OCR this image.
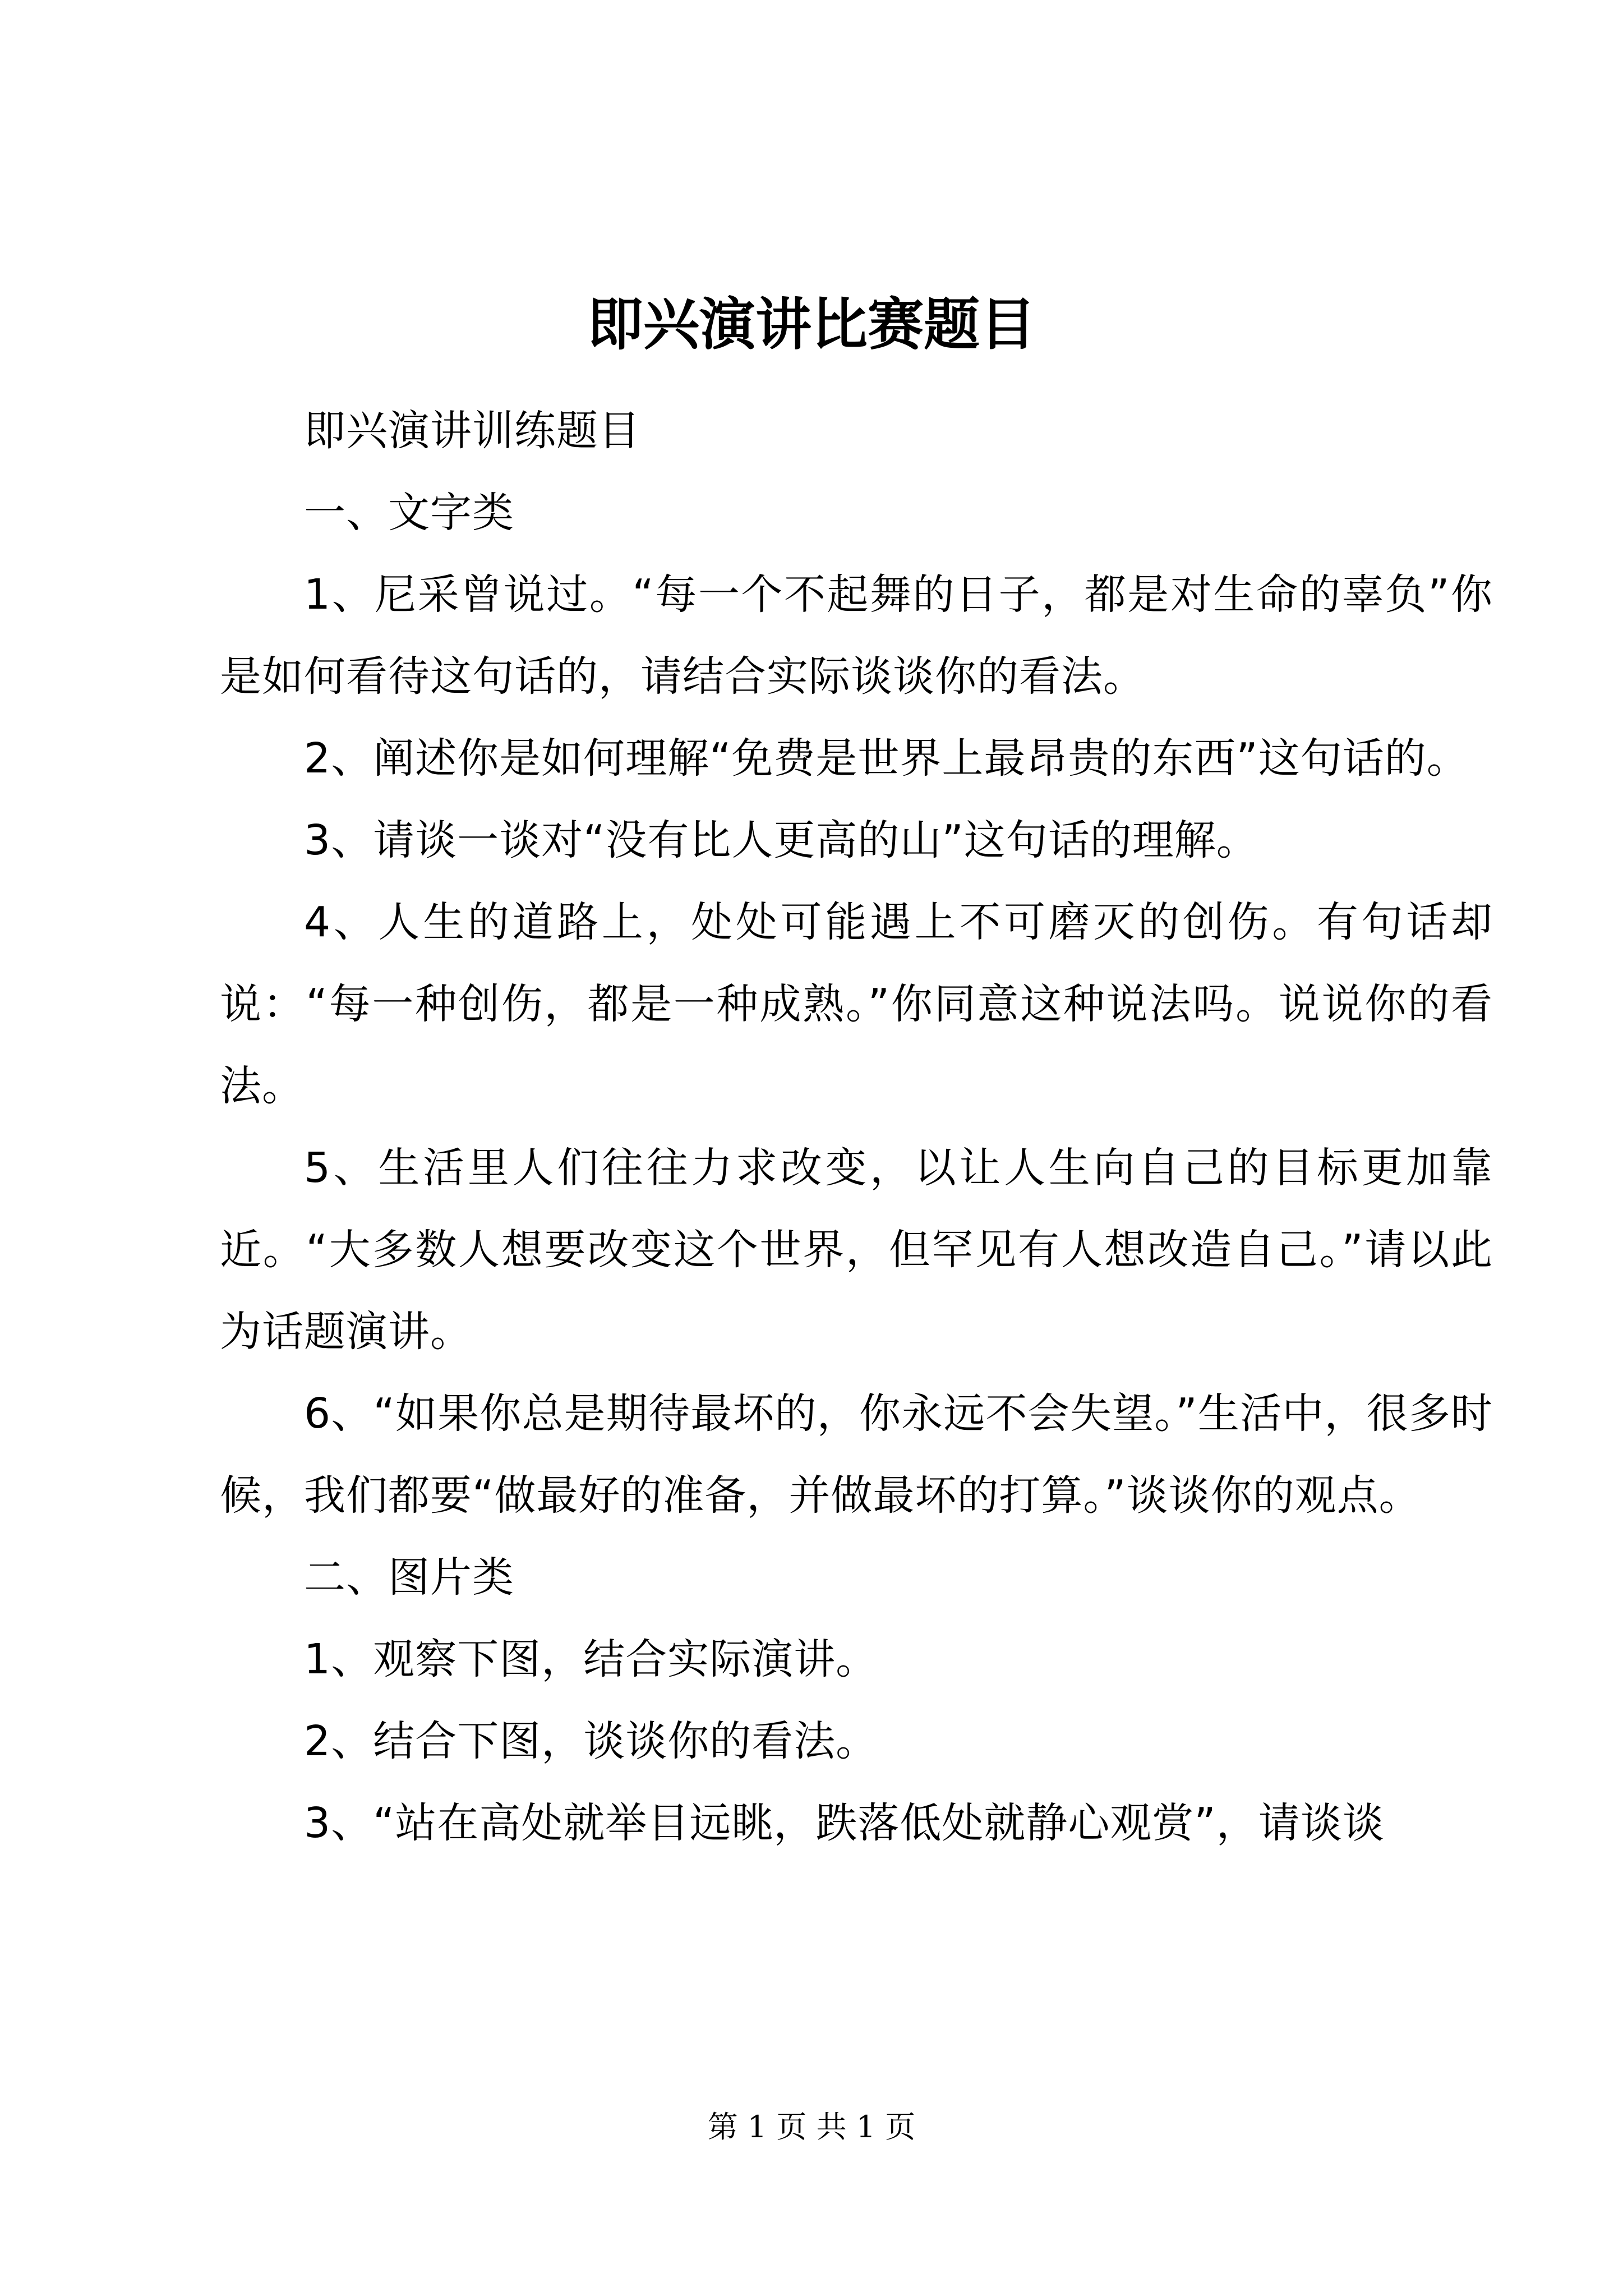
即兴演讲比赛题目

即兴演讲训练题目

一、文字类

1、尼采曾说过。“每一个不起舞的日子，都是对生命的辜负”你是如何看待这句话的，请结合实际谈谈你的看法。

2、阐述你是如何理解“免费是世界上最昂贵的东西”这句话的。

3、请谈一谈对“没有比人更高的山”这句话的理解。

4、人生的道路上，处处可能遇上不可磨灭的创伤。有句话却说：“每一种创伤，都是一种成熟。”你同意这种说法吗。说说你的看法。

5、生活里人们往往力求改变，以让人生向自己的目标更加靠近。“大多数人想要改变这个世界，但罕见有人想改造自己。”请以此为话题演讲。

6、“如果你总是期待最坏的，你永远不会失望。”生活中，很多时候，我们都要“做最好的准备，并做最坏的打算。”谈谈你的观点。

二、图片类

1、观察下图，结合实际演讲。

2、结合下图，谈谈你的看法。

3、“站在高处就举目远眺，跌落低处就静心观赏”，请谈谈

第 1 页 共 1 页
